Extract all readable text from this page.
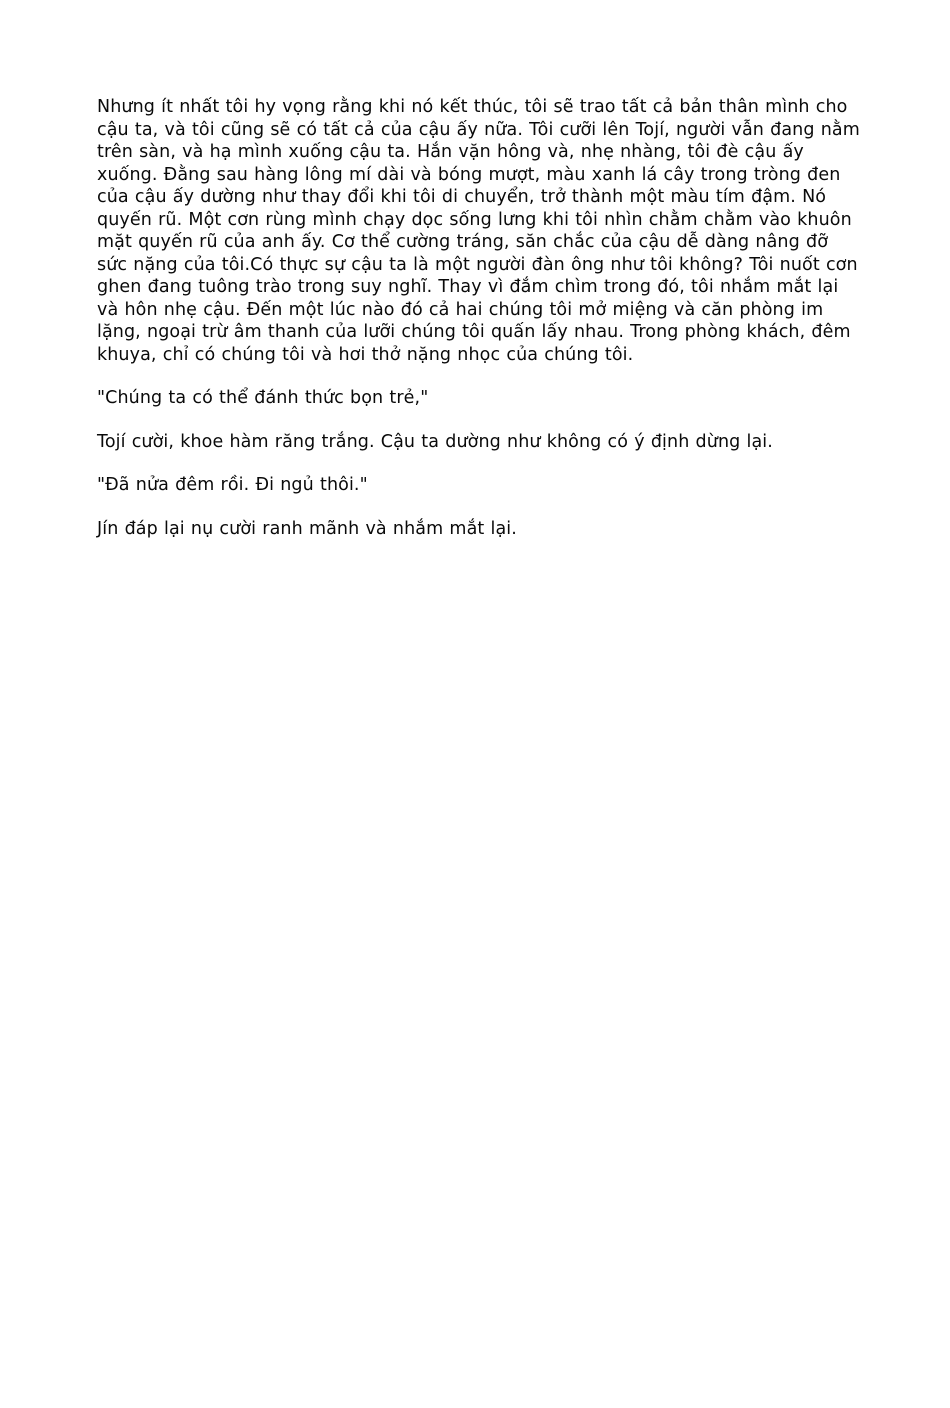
Nhưng ít nhất tôi hy vọng rằng khi nó kết thúc, tôi sẽ trao tất cả bản thân mình cho cậu ta, và tôi cũng sẽ có tất cả của cậu ấy nữa. Tôi cưỡi lên Tojí, người vẫn đang nằm trên sàn, và hạ mình xuống cậu ta. Hắn vặn hông và, nhẹ nhàng, tôi đè cậu ấy xuống. Đằng sau hàng lông mí dài và bóng mượt, màu xanh lá cây trong tròng đen của cậu ấy dường như thay đổi khi tôi di chuyển, trở thành một màu tím đậm. Nó quyến rũ. Một cơn rùng mình chạy dọc sống lưng khi tôi nhìn chằm chằm vào khuôn mặt quyến rũ của anh ấy. Cơ thể cường tráng, săn chắc của cậu dễ dàng nâng đỡ sức nặng của tôi.Có thực sự cậu ta là một người đàn ông như tôi không? Tôi nuốt cơn ghen đang tuông trào trong suy nghĩ. Thay vì đắm chìm trong đó, tôi nhắm mắt lại và hôn nhẹ cậu. Đến một lúc nào đó cả hai chúng tôi mở miệng và căn phòng im lặng, ngoại trừ âm thanh của lưỡi chúng tôi quấn lấy nhau. Trong phòng khách, đêm khuya, chỉ có chúng tôi và hơi thở nặng nhọc của chúng tôi.

"Chúng ta có thể đánh thức bọn trẻ,"

Tojí cười, khoe hàm răng trắng. Cậu ta dường như không có ý định dừng lại.

"Đã nửa đêm rồi. Đi ngủ thôi."

Jín đáp lại nụ cười ranh mãnh và nhắm mắt lại.
